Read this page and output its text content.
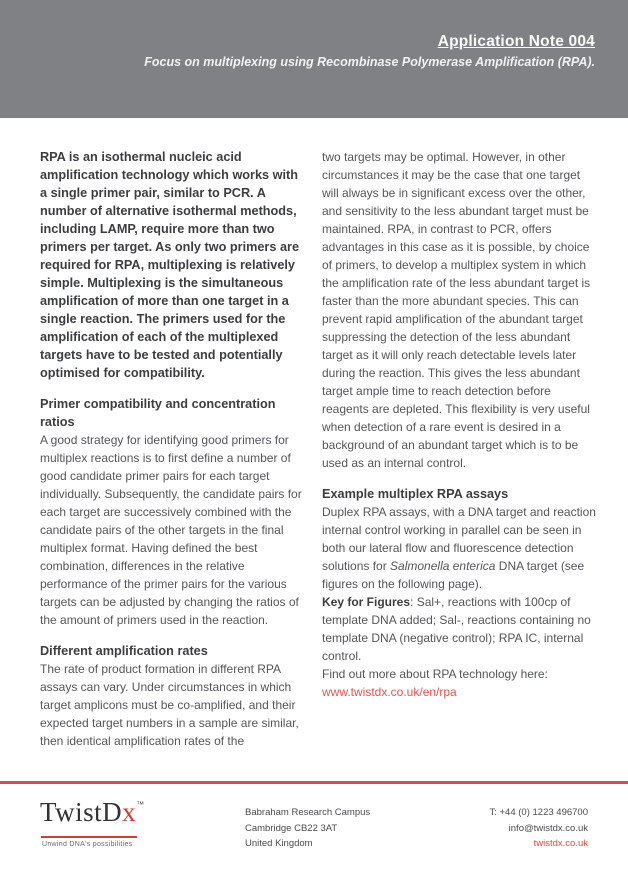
Application Note 004
Focus on multiplexing using Recombinase Polymerase Amplification (RPA).

RPA is an isothermal nucleic acid amplification technology which works with a single primer pair, similar to PCR. A number of alternative isothermal methods, including LAMP, require more than two primers per target. As only two primers are required for RPA, multiplexing is relatively simple. Multiplexing is the simultaneous amplification of more than one target in a single reaction. The primers used for the amplification of each of the multiplexed targets have to be tested and potentially optimised for compatibility.

Primer compatibility and concentration ratios

A good strategy for identifying good primers for multiplex reactions is to first define a number of good candidate primer pairs for each target individually. Subsequently, the candidate pairs for each target are successively combined with the candidate pairs of the other targets in the final multiplex format. Having defined the best combination, differences in the relative performance of the primer pairs for the various targets can be adjusted by changing the ratios of the amount of primers used in the reaction.

Different amplification rates

The rate of product formation in different RPA assays can vary. Under circumstances in which target amplicons must be co-amplified, and their expected target numbers in a sample are similar, then identical amplification rates of the

two targets may be optimal. However, in other circumstances it may be the case that one target will always be in significant excess over the other, and sensitivity to the less abundant target must be maintained. RPA, in contrast to PCR, offers advantages in this case as it is possible, by choice of primers, to develop a multiplex system in which the amplification rate of the less abundant target is faster than the more abundant species. This can prevent rapid amplification of the abundant target suppressing the detection of the less abundant target as it will only reach detectable levels later during the reaction. This gives the less abundant target ample time to reach detection before reagents are depleted. This flexibility is very useful when detection of a rare event is desired in a background of an abundant target which is to be used as an internal control.

Example multiplex RPA assays

Duplex RPA assays, with a DNA target and reaction internal control working in parallel can be seen in both our lateral flow and fluorescence detection solutions for Salmonella enterica DNA target (see figures on the following page).

Key for Figures: Sal+, reactions with 100cp of template DNA added; Sal-, reactions containing no template DNA (negative control); RPA IC, internal control.

Find out more about RPA technology here: www.twistdx.co.uk/en/rpa

TwistDx™
Unwind DNA's possibilities
Babraham Research Campus
Cambridge CB22 3AT
United Kingdom
T: +44 (0) 1223 496700
info@twistdx.co.uk
twistdx.co.uk
